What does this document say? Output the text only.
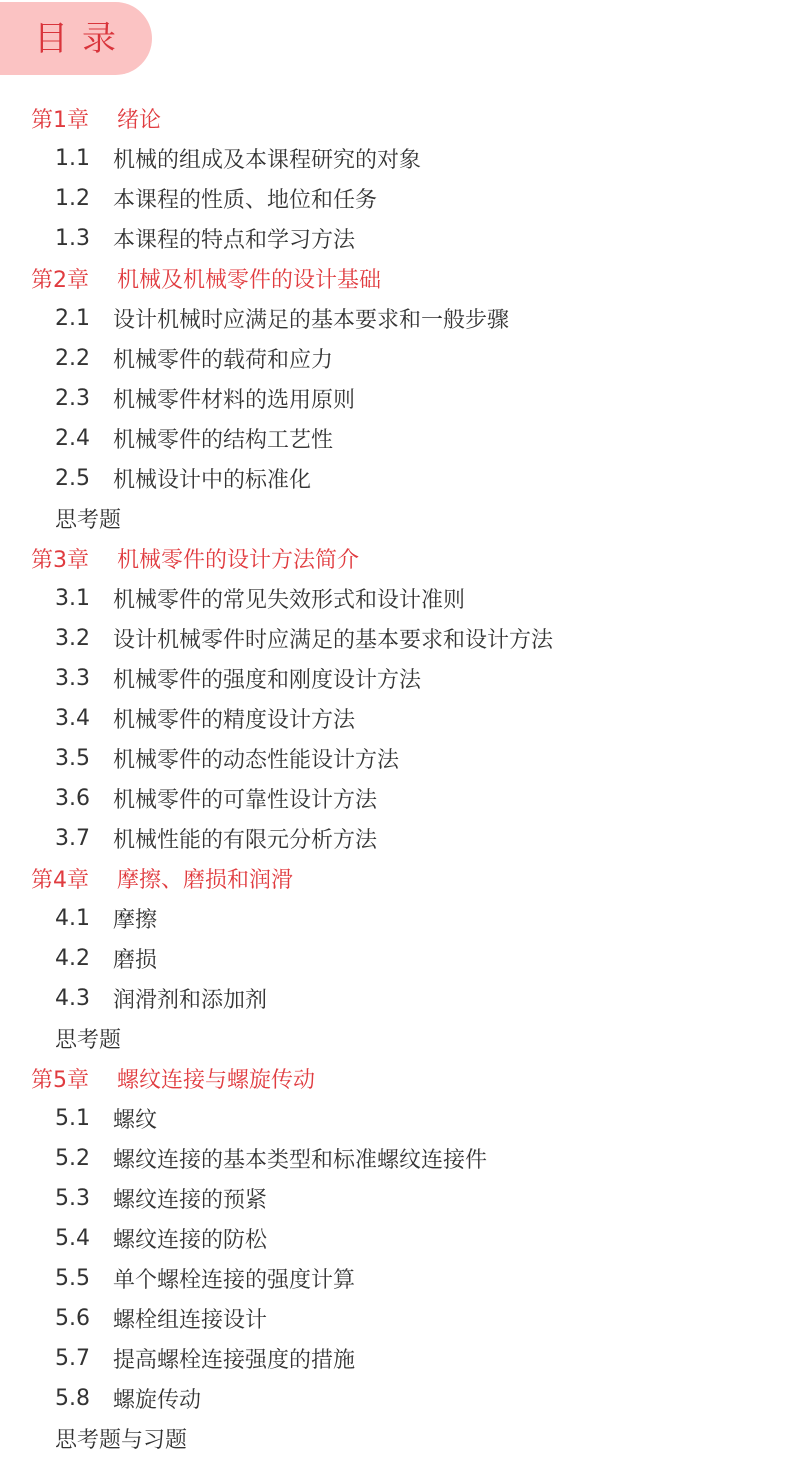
目录
第1章	绪论
1.1	机械的组成及本课程研究的对象
1.2	本课程的性质、地位和任务
1.3	本课程的特点和学习方法
第2章	机械及机械零件的设计基础
2.1	设计机械时应满足的基本要求和一般步骤
2.2	机械零件的载荷和应力
2.3	机械零件材料的选用原则
2.4	机械零件的结构工艺性
2.5	机械设计中的标准化
思考题
第3章	机械零件的设计方法简介
3.1	机械零件的常见失效形式和设计准则
3.2	设计机械零件时应满足的基本要求和设计方法
3.3	机械零件的强度和刚度设计方法
3.4	机械零件的精度设计方法
3.5	机械零件的动态性能设计方法
3.6	机械零件的可靠性设计方法
3.7	机械性能的有限元分析方法
第4章	摩擦、磨损和润滑
4.1	摩擦
4.2	磨损
4.3	润滑剂和添加剂
思考题
第5章	螺纹连接与螺旋传动
5.1	螺纹
5.2	螺纹连接的基本类型和标准螺纹连接件
5.3	螺纹连接的预紧
5.4	螺纹连接的防松
5.5	单个螺栓连接的强度计算
5.6	螺栓组连接设计
5.7	提高螺栓连接强度的措施
5.8	螺旋传动
思考题与习题
